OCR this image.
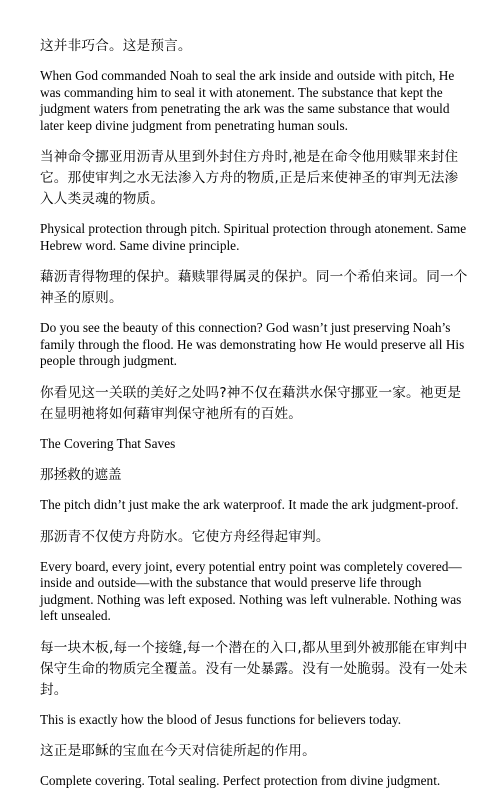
这并非巧合。这是预言。

When God commanded Noah to seal the ark inside and outside with pitch, He was commanding him to seal it with atonement. The substance that kept the judgment waters from penetrating the ark was the same substance that would later keep divine judgment from penetrating human souls.

当神命令挪亚用沥青从里到外封住方舟时,祂是在命令他用赎罪来封住它。那使审判之水无法渗入方舟的物质,正是后来使神圣的审判无法渗入人类灵魂的物质。

Physical protection through pitch. Spiritual protection through atonement. Same Hebrew word. Same divine principle.

藉沥青得物理的保护。藉赎罪得属灵的保护。同一个希伯来词。同一个神圣的原则。

Do you see the beauty of this connection? God wasn’t just preserving Noah’s family through the flood. He was demonstrating how He would preserve all His people through judgment.

你看见这一关联的美好之处吗?神不仅在藉洪水保守挪亚一家。祂更是在显明祂将如何藉审判保守祂所有的百姓。

The Covering That Saves

那拯救的遮盖

The pitch didn’t just make the ark waterproof. It made the ark judgment-proof.

那沥青不仅使方舟防水。它使方舟经得起审判。

Every board, every joint, every potential entry point was completely covered—inside and outside—with the substance that would preserve life through judgment. Nothing was left exposed. Nothing was left vulnerable. Nothing was left unsealed.

每一块木板,每一个接缝,每一个潜在的入口,都从里到外被那能在审判中保守生命的物质完全覆盖。没有一处暴露。没有一处脆弱。没有一处未封。

This is exactly how the blood of Jesus functions for believers today.

这正是耶稣的宝血在今天对信徒所起的作用。

Complete covering. Total sealing. Perfect protection from divine judgment.
